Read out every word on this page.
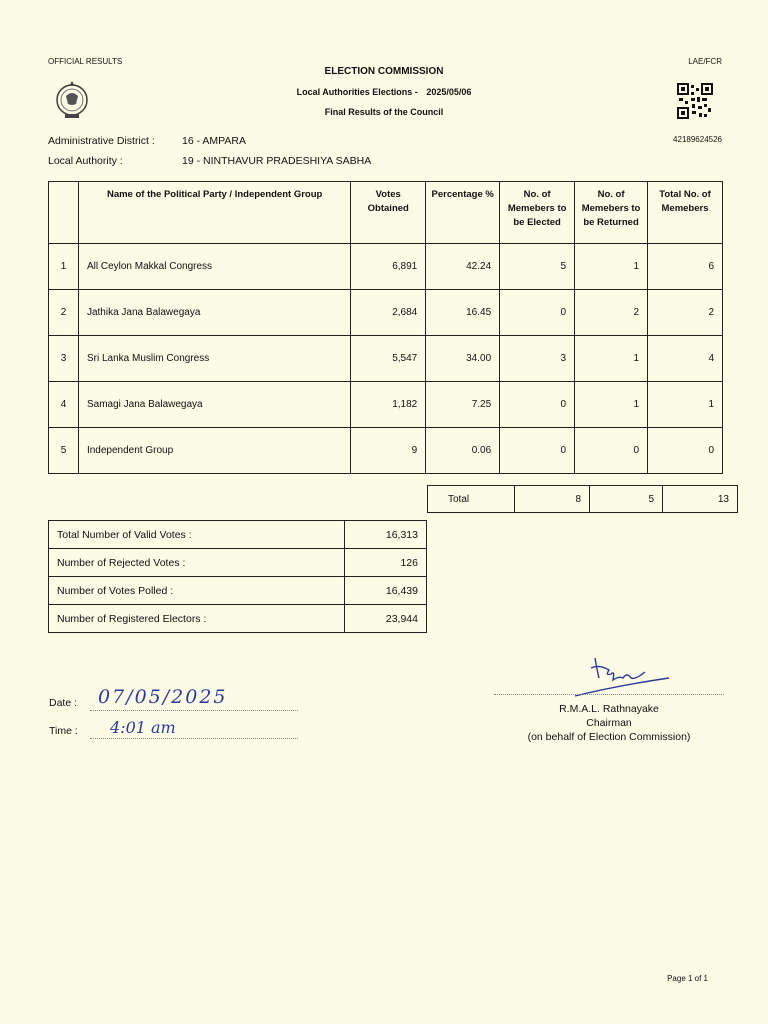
OFFICIAL RESULTS	LAE/FCR
ELECTION COMMISSION
Local Authorities Elections - 2025/05/06
Final Results of the Council
42189624526
Administrative District :	16 - AMPARA
Local Authority :	19 - NINTHAVUR PRADESHIYA SABHA
	Name of the Political Party / Independent Group	Votes Obtained	Percentage %	No. of Memebers to be Elected	No. of Memebers to be Returned	Total No. of Memebers
1	All Ceylon Makkal Congress	6,891	42.24	5	1	6
2	Jathika Jana Balawegaya	2,684	16.45	0	2	2
3	Sri Lanka Muslim Congress	5,547	34.00	3	1	4
4	Samagi Jana Balawegaya	1,182	7.25	0	1	1
5	Independent Group	9	0.06	0	0	0
Total	8	5	13
Total Number of Valid Votes :	16,313
Number of Rejected Votes :	126
Number of Votes Polled :	16,439
Number of Registered Electors :	23,944
Date : 07/05/2025
Time : 4:01 am
R.M.A.L. Rathnayake
Chairman
(on behalf of Election Commission)
Page 1 of 1
